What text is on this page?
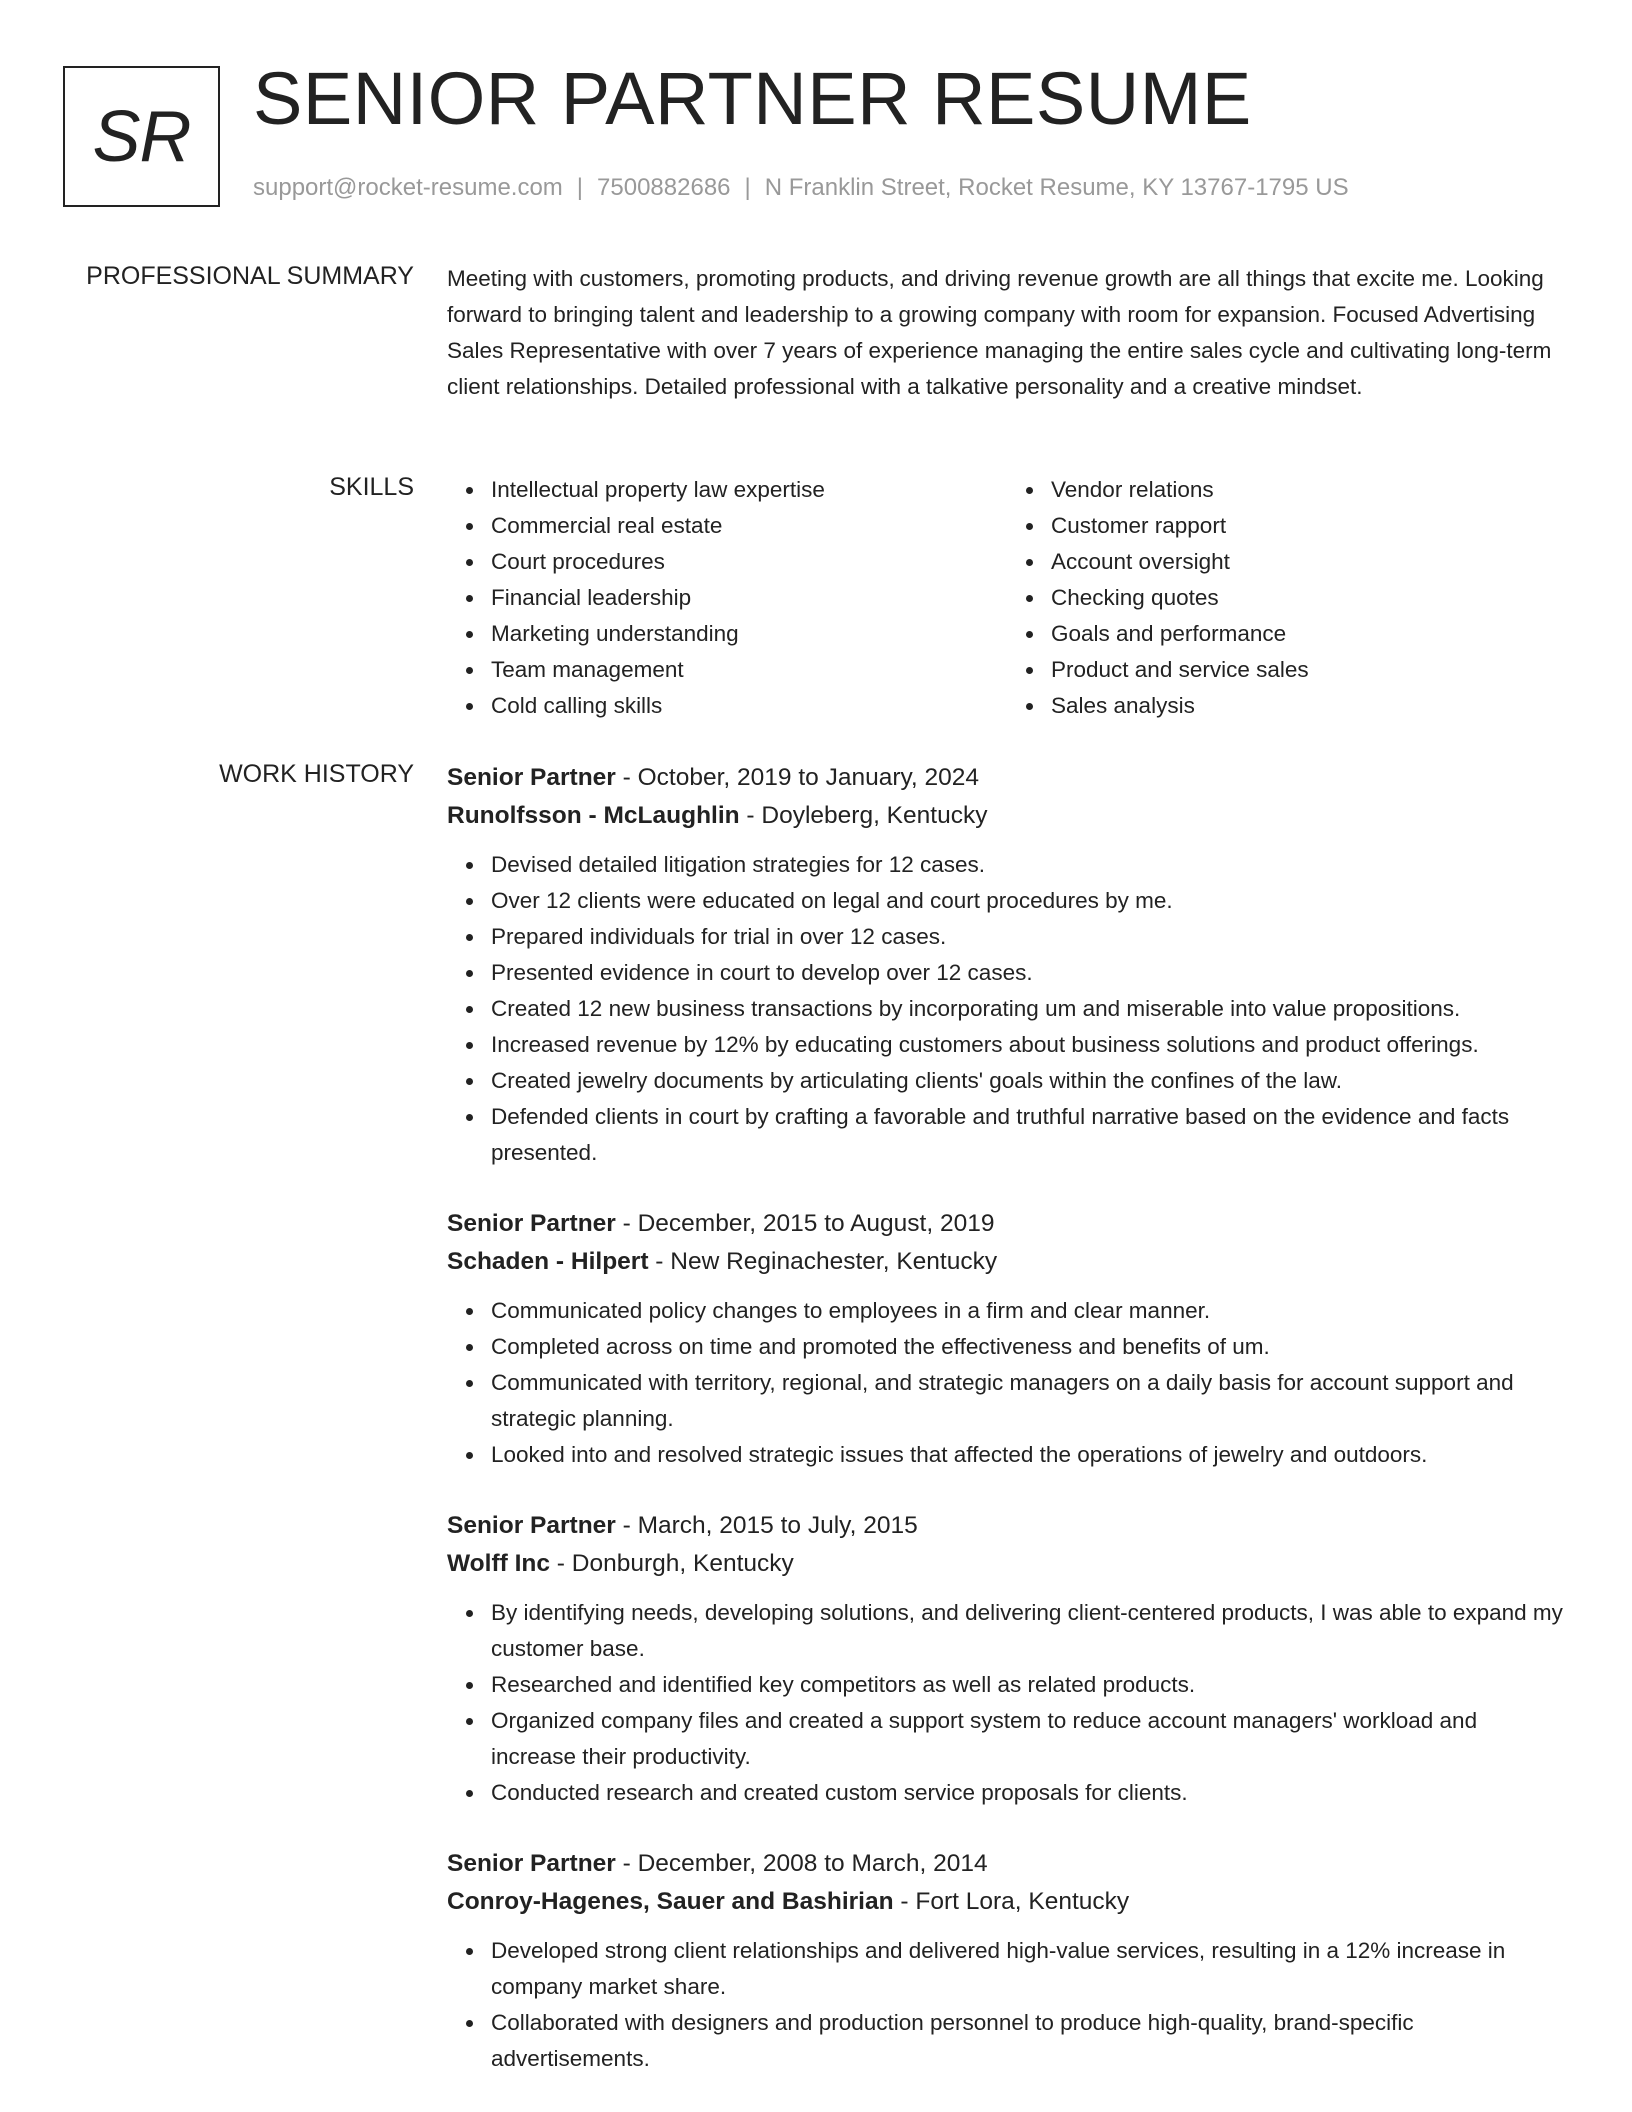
SR SENIOR PARTNER RESUME
support@rocket-resume.com | 7500882686 | N Franklin Street, Rocket Resume, KY 13767-1795 US
PROFESSIONAL SUMMARY Meeting with customers, promoting products, and driving revenue growth are all things that excite me. Looking forward to bringing talent and leadership to a growing company with room for expansion. Focused Advertising Sales Representative with over 7 years of experience managing the entire sales cycle and cultivating long-term client relationships. Detailed professional with a talkative personality and a creative mindset.

SKILLS	Intellectual property law expertise
Commercial real estate
Court procedures
Financial leadership
Marketing understanding
Team management
Cold calling skills
Vendor relations
Customer rapport
Account oversight
Checking quotes
Goals and performance
Product and service sales
Sales analysis
WORK HISTORY Senior Partner - October, 2019 to January, 2024
Runolfsson - McLaughlin - Doyleberg, Kentucky
Devised detailed litigation strategies for 12 cases.
Over 12 clients were educated on legal and court procedures by me.
Prepared individuals for trial in over 12 cases.
Presented evidence in court to develop over 12 cases.
Created 12 new business transactions by incorporating um and miserable into value propositions.
Increased revenue by 12% by educating customers about business solutions and product offerings.
Created jewelry documents by articulating clients' goals within the confines of the law.
Defended clients in court by crafting a favorable and truthful narrative based on the evidence and facts presented.
Senior Partner - December, 2015 to August, 2019
Schaden - Hilpert - New Reginachester, Kentucky
Communicated policy changes to employees in a firm and clear manner.
Completed across on time and promoted the effectiveness and benefits of um.
Communicated with territory, regional, and strategic managers on a daily basis for account support and strategic planning.
Looked into and resolved strategic issues that affected the operations of jewelry and outdoors.
Senior Partner - March, 2015 to July, 2015
Wolff Inc - Donburgh, Kentucky
By identifying needs, developing solutions, and delivering client-centered products, I was able to expand my customer base.
Researched and identified key competitors as well as related products.
Organized company files and created a support system to reduce account managers' workload and increase their productivity.
Conducted research and created custom service proposals for clients.
Senior Partner - December, 2008 to March, 2014
Conroy-Hagenes, Sauer and Bashirian - Fort Lora, Kentucky
Developed strong client relationships and delivered high-value services, resulting in a 12% increase in company market share.
Collaborated with designers and production personnel to produce high-quality, brand-specific advertisements.
